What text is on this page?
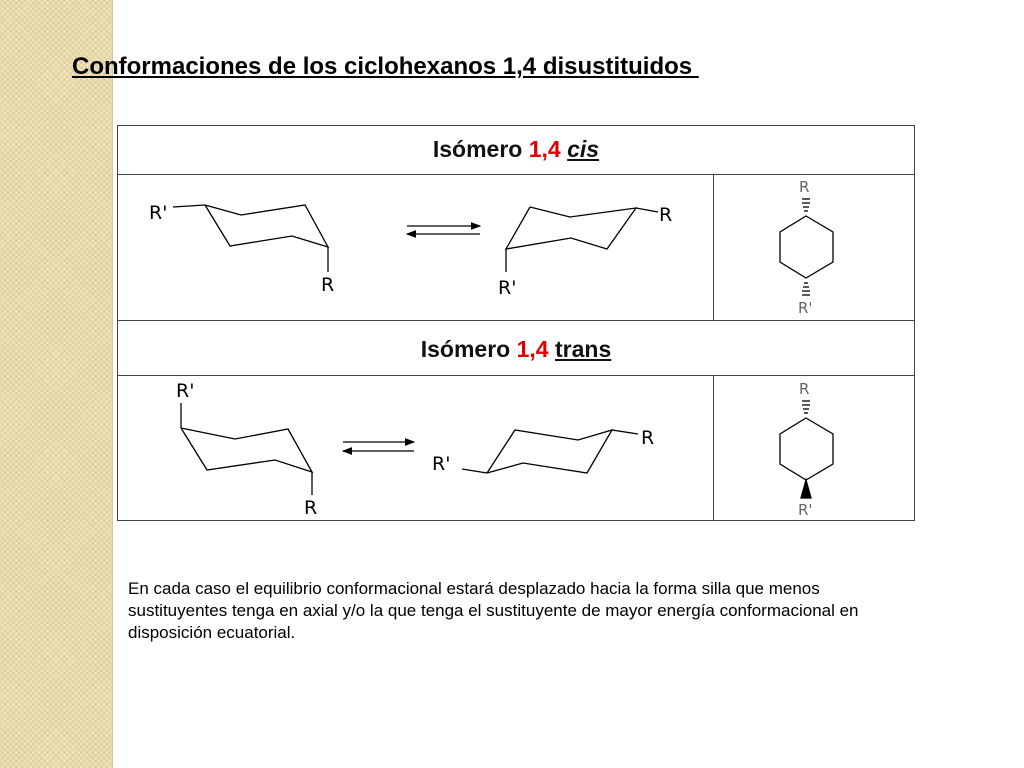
Conformaciones de los ciclohexanos 1,4 disustituidos
Isómero 1,4 cis
Isómero 1,4 trans
R'
R
R
R'
R
R'
R'
R
R
R'
R
R'
En cada caso el equilibrio conformacional estará desplazado hacia la forma silla que menos sustituyentes tenga en axial y/o la que tenga el sustituyente de mayor energía conformacional en disposición ecuatorial.
